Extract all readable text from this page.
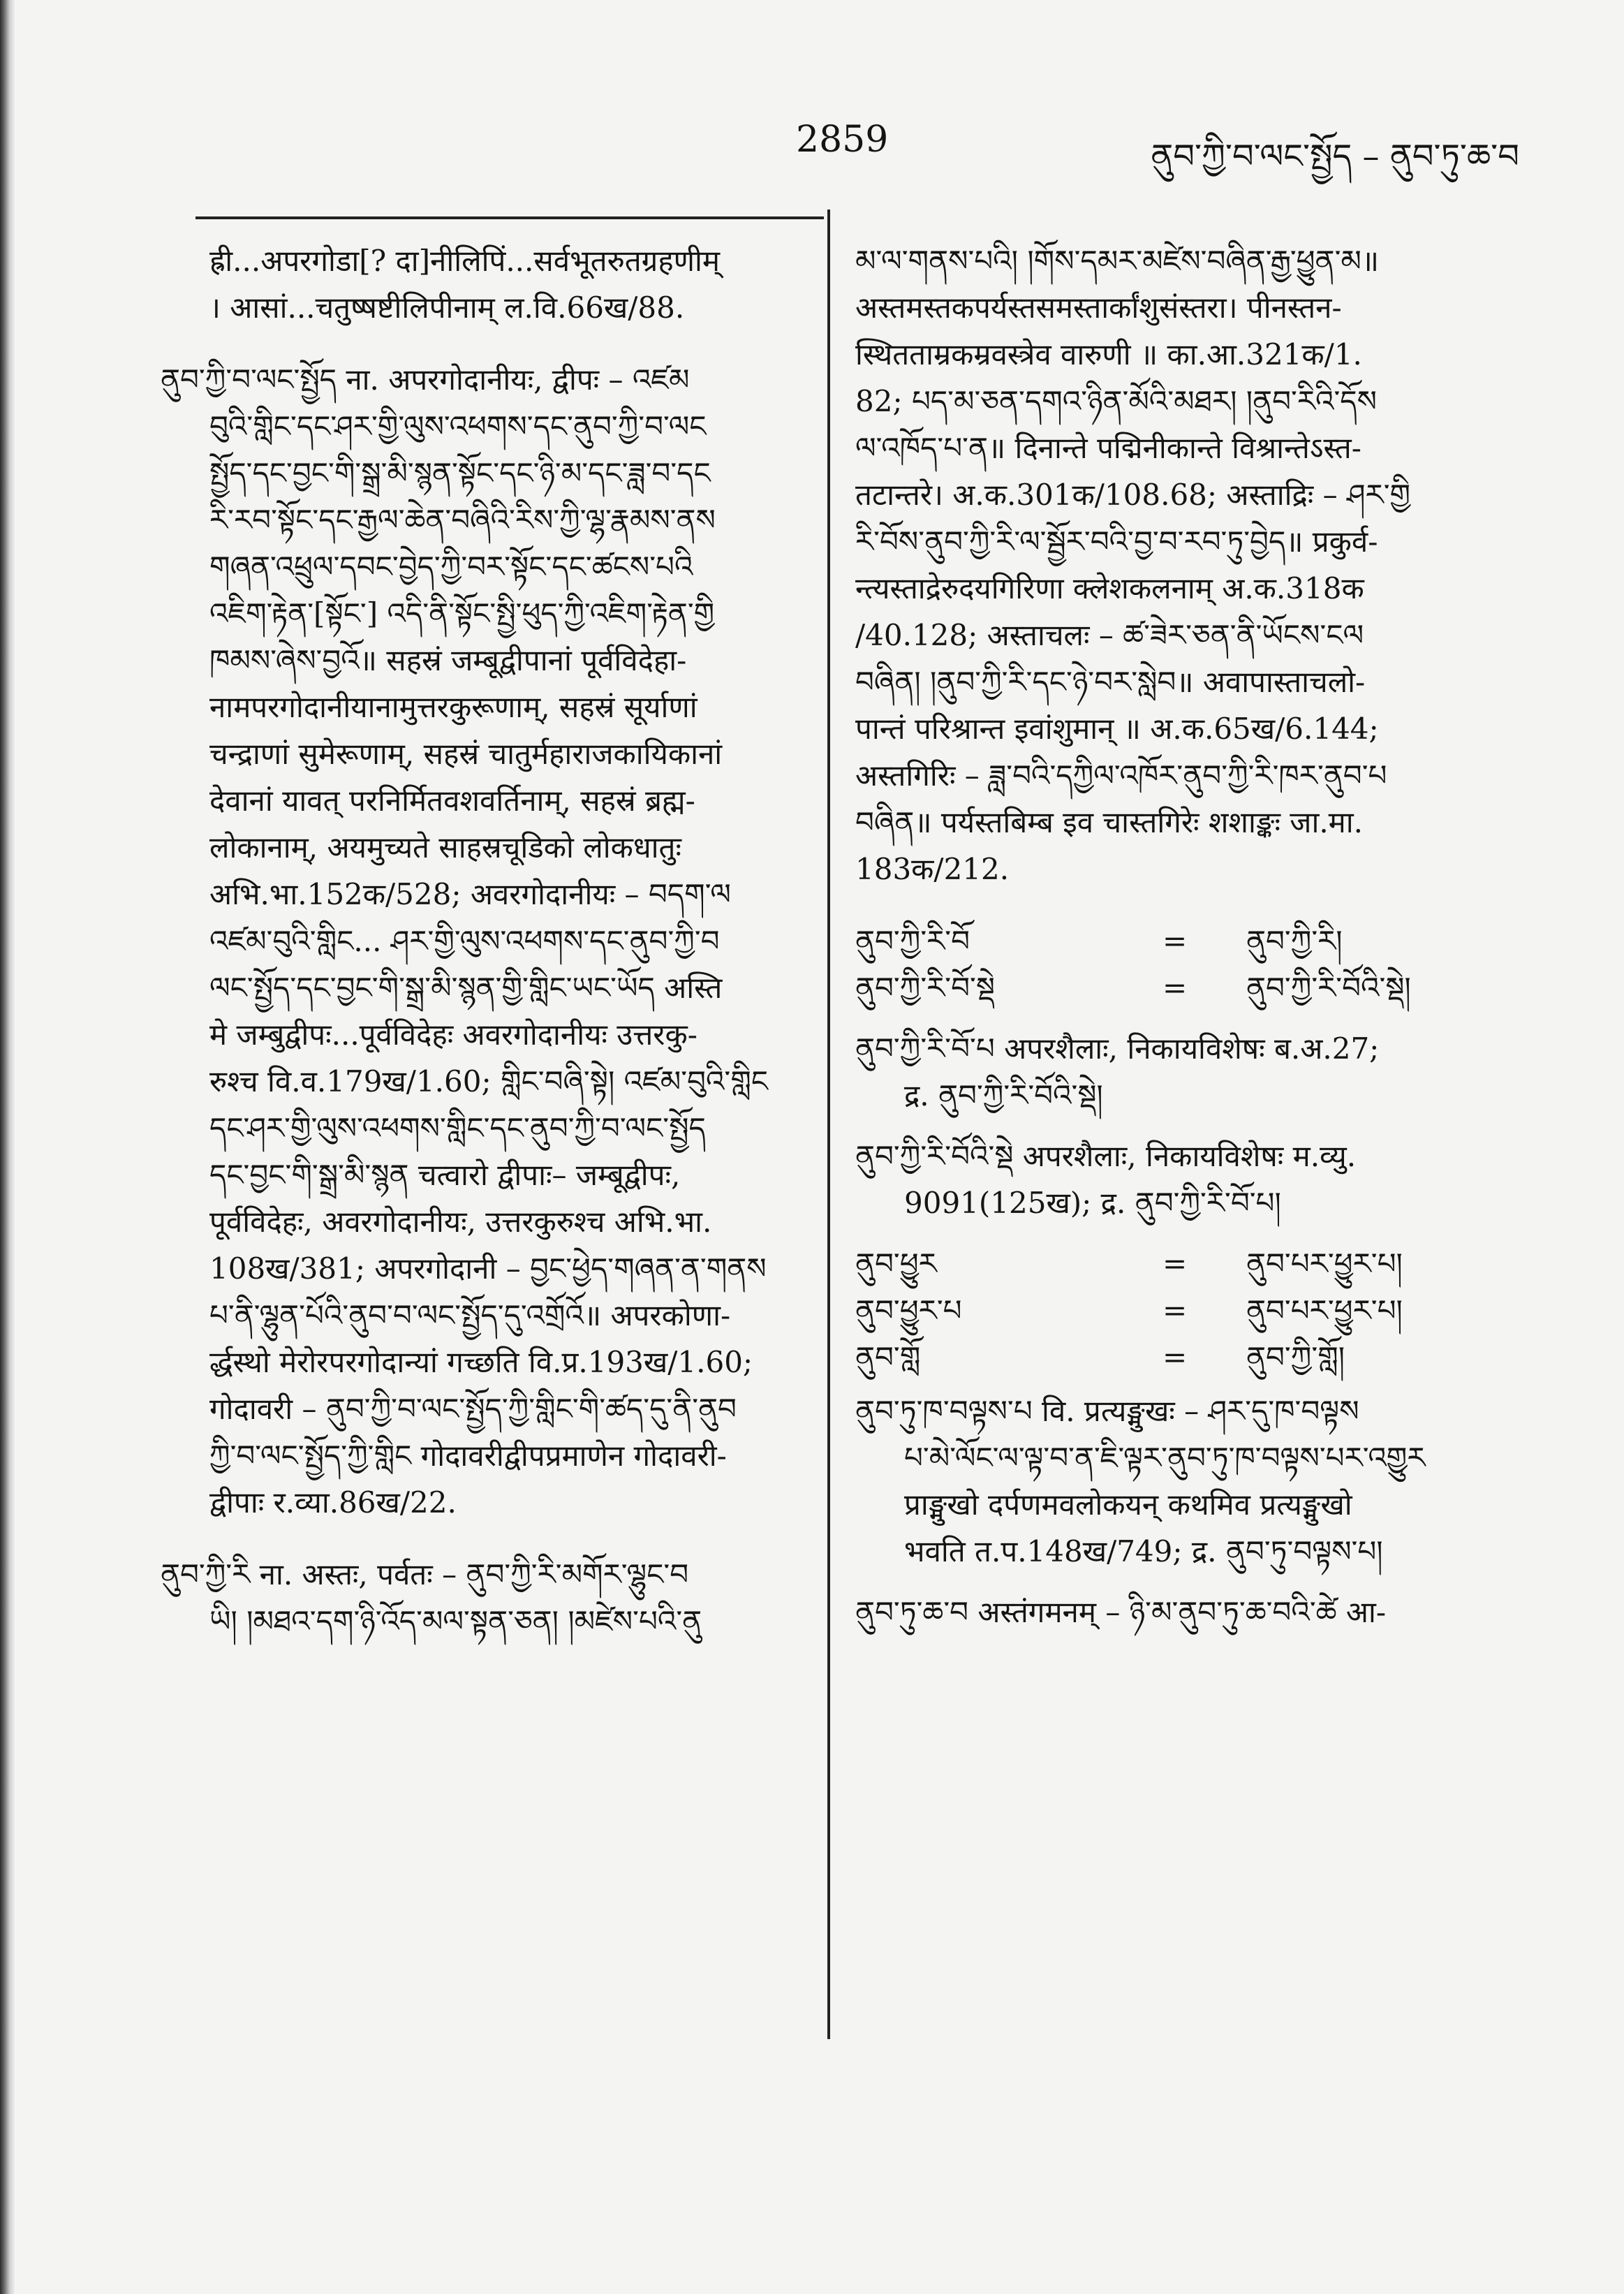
2859	ནུབ་ཀྱི་བ་ལང་སྤྱོད – ནུབ་ཏུ་ཆ་བ

ह्री...अपरगोडा[? दा]नीलिपिं...सर्वभूतरुतग्रहणीम्

। आसां...चतुष्षष्टीलिपीनाम् ल.वि.66ख/88.

ནུབ་ཀྱི་བ་ལང་སྤྱོད ना. अपरगोदानीयः, द्वीपः – འཛམ

བུའི་གླིང་དང་ཤར་གྱི་ལུས་འཕགས་དང་ནུབ་ཀྱི་བ་ལང

སྤྱོད་དང་བྱང་གི་སྒྲ་མི་སྙན་སྟོང་དང་ཉི་མ་དང་ཟླ་བ་དང

རི་རབ་སྟོང་དང་རྒྱལ་ཆེན་བཞིའི་རིས་ཀྱི་ལྷ་རྣམས་ནས

གཞན་འཕྲུལ་དབང་བྱེད་ཀྱི་བར་སྟོང་དང་ཚངས་པའི

འཇིག་རྟེན་[སྟོང་] འདི་ནི་སྟོང་སྤྱི་ཕུད་ཀྱི་འཇིག་རྟེན་གྱི

ཁམས་ཞེས་བྱའོ॥ सहस्रं जम्बूद्वीपानां पूर्वविदेहा-

नामपरगोदानीयानामुत्तरकुरूणाम्, सहस्रं सूर्याणां

चन्द्राणां सुमेरूणाम्, सहस्रं चातुर्महाराजकायिकानां

देवानां यावत् परनिर्मितवशवर्तिनाम्, सहस्रं ब्रह्म-

लोकानाम्, अयमुच्यते साहस्रचूडिको लोकधातुः

अभि.भा.152क/528; अवरगोदानीयः – བདག་ལ

འཛམ་བུའི་གླིང... ཤར་གྱི་ལུས་འཕགས་དང་ནུབ་ཀྱི་བ

ལང་སྤྱོད་དང་བྱང་གི་སྒྲ་མི་སྙན་གྱི་གླིང་ཡང་ཡོད अस्ति

मे जम्बुद्वीपः...पूर्वविदेहः अवरगोदानीयः उत्तरकु-

रुश्च वि.व.179ख/1.60; གླིང་བཞི་སྟེ། འཛམ་བུའི་གླིང

དང་ཤར་གྱི་ལུས་འཕགས་གླིང་དང་ནུབ་ཀྱི་བ་ལང་སྤྱོད

དང་བྱང་གི་སྒྲ་མི་སྙན चत्वारो द्वीपाः– जम्बूद्वीपः,

पूर्वविदेहः, अवरगोदानीयः, उत्तरकुरुश्च अभि.भा.

108ख/381; अपरगोदानी – བྱང་ཕྱེད་གཞན་ན་གནས

པ་ནི་ལྷུན་པོའི་ནུབ་བ་ལང་སྤྱོད་དུ་འགྲོའོ॥ अपरकोणा-

र्द्धस्थो मेरोरपरगोदान्यां गच्छति वि.प्र.193ख/1.60;

गोदावरी – ནུབ་ཀྱི་བ་ལང་སྤྱོད་ཀྱི་གླིང་གི་ཚད་དུ་ནི་ནུབ

ཀྱི་བ་ལང་སྤྱོད་ཀྱི་གླིང गोदावरीद्वीपप्रमाणेन गोदावरी-

द्वीपाः र.व्या.86ख/22.

ནུབ་ཀྱི་རི ना. अस्तः, पर्वतः – ནུབ་ཀྱི་རི་མགོར་ལྷུང་བ

ཡི། །མཐའ་དག་ཉི་འོད་མལ་སྟན་ཅན། །མཛེས་པའི་ནུ

མ་ལ་གནས་པའི། །གོས་དམར་མཛེས་བཞིན་རྒྱ་ཕྱུན་མ॥

अस्तमस्तकपर्यस्तसमस्तार्कांशुसंस्तरा। पीनस्तन-

स्थितताम्रकम्रवस्त्रेव वारुणी ॥ का.आ.321क/1.

82; པད་མ་ཅན་དགའ་ཉིན་མོའི་མཐར། །ནུབ་རིའི་དོས

ལ་འཁོད་པ་ན॥ दिनान्ते पद्मिनीकान्ते विश्रान्तेऽस्त-

तटान्तरे। अ.क.301क/108.68; अस्ताद्रिः – ཤར་གྱི

རི་བོས་ནུབ་ཀྱི་རི་ལ་སྦྱོར་བའི་བྱ་བ་རབ་ཏུ་བྱེད॥ प्रकुर्व-

न्त्यस्ताद्रेरुदयगिरिणा क्लेशकलनाम् अ.क.318क

/40.128; अस्ताचलः – ཚ་ཟེར་ཅན་ནི་ཡོངས་ངལ

བཞིན། །ནུབ་ཀྱི་རི་དང་ཉེ་བར་སླེབ॥ अवापास्ताचलो-

पान्तं परिश्रान्त इवांशुमान् ॥ अ.क.65ख/6.144;

अस्तगिरिः – ཟླ་བའི་དཀྱིལ་འཁོར་ནུབ་ཀྱི་རི་ཁར་ནུབ་པ

བཞིན॥ पर्यस्तबिम्ब इव चास्तगिरेः शशाङ्कः जा.मा.

183क/212.

ནུབ་ཀྱི་རི་བོ	=	ནུབ་ཀྱི་རི།
ནུབ་ཀྱི་རི་བོ་སྡེ	=	ནུབ་ཀྱི་རི་བོའི་སྡེ།

ནུབ་ཀྱི་རི་བོ་པ अपरशैलाः, निकायविशेषः ब.अ.27;

द्र. ནུབ་ཀྱི་རི་བོའི་སྡེ།

ནུབ་ཀྱི་རི་བོའི་སྡེ अपरशैलाः, निकायविशेषः म.व्यु.

9091(125ख); द्र. ནུབ་ཀྱི་རི་བོ་པ།

ནུབ་ཕྱུར	=	ནུབ་པར་ཕྱུར་པ།
ནུབ་ཕྱུར་པ	=	ནུབ་པར་ཕྱུར་པ།
ནུབ་གློ	=	ནུབ་ཀྱི་གློ།

ནུབ་ཏུ་ཁ་བལྟས་པ वि. प्रत्यङ्मुखः – ཤར་དུ་ཁ་བལྟས

པ་མེ་ལོང་ལ་ལྟ་བ་ན་ཇི་ལྟར་ནུབ་ཏུ་ཁ་བལྟས་པར་འགྱུར

प्राङ्मुखो दर्पणमवलोकयन् कथमिव प्रत्यङ्मुखो

भवति त.प.148ख/749; द्र. ནུབ་ཏུ་བལྟས་པ།

ནུབ་ཏུ་ཆ་བ अस्तंगमनम् – ཉི་མ་ནུབ་ཏུ་ཆ་བའི་ཚེ आ-
